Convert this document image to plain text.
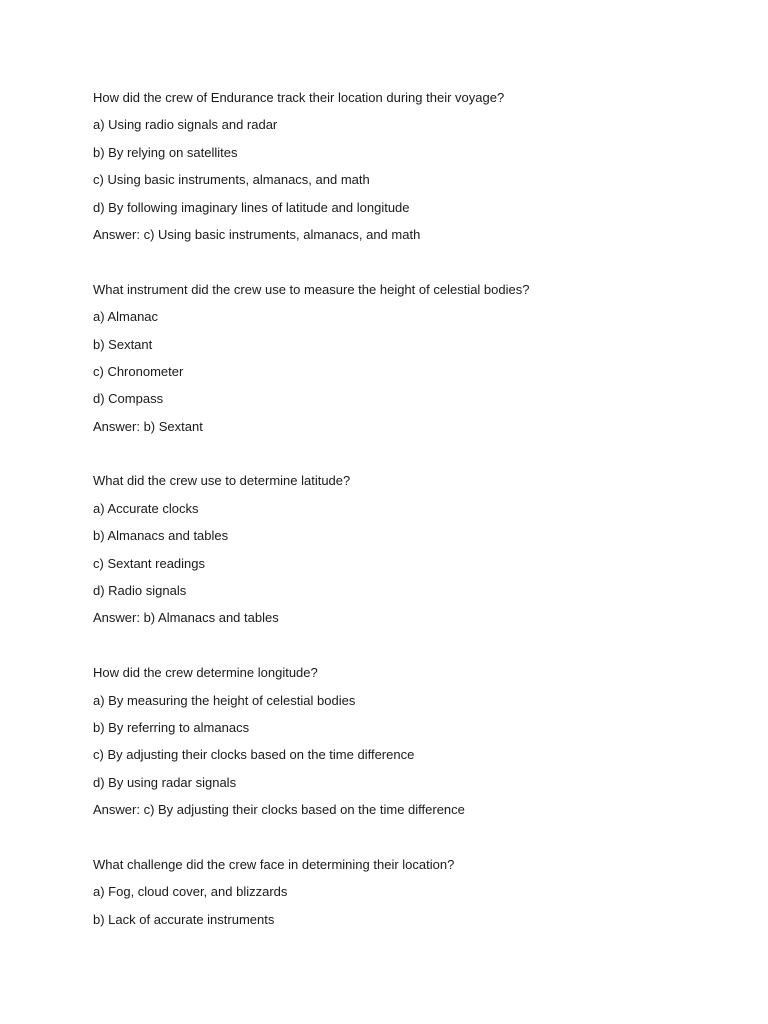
How did the crew of Endurance track their location during their voyage?
a) Using radio signals and radar
b) By relying on satellites
c) Using basic instruments, almanacs, and math
d) By following imaginary lines of latitude and longitude
Answer: c) Using basic instruments, almanacs, and math
What instrument did the crew use to measure the height of celestial bodies?
a) Almanac
b) Sextant
c) Chronometer
d) Compass
Answer: b) Sextant
What did the crew use to determine latitude?
a) Accurate clocks
b) Almanacs and tables
c) Sextant readings
d) Radio signals
Answer: b) Almanacs and tables
How did the crew determine longitude?
a) By measuring the height of celestial bodies
b) By referring to almanacs
c) By adjusting their clocks based on the time difference
d) By using radar signals
Answer: c) By adjusting their clocks based on the time difference
What challenge did the crew face in determining their location?
a) Fog, cloud cover, and blizzards
b) Lack of accurate instruments
